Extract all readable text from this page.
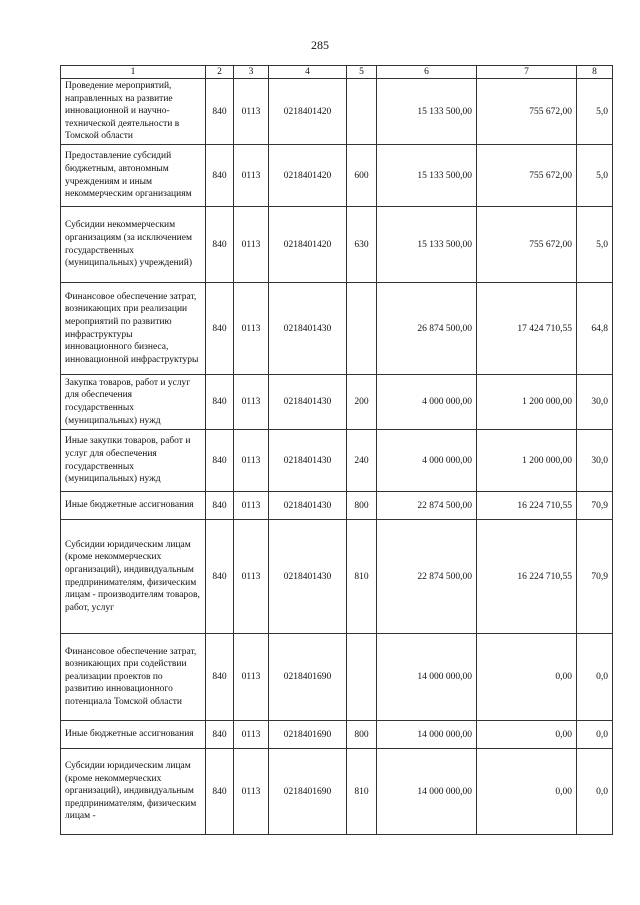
285
1	2	3	4	5	6	7	8
Проведение мероприятий, направленных на развитие инновационной и научно-технической деятельности в Томской области	840	0113	0218401420		15 133 500,00	755 672,00	5,0
Предоставление субсидий бюджетным, автономным учреждениям и иным некоммерческим организациям	840	0113	0218401420	600	15 133 500,00	755 672,00	5,0
Субсидии некоммерческим организациям (за исключением государственных (муниципальных) учреждений)	840	0113	0218401420	630	15 133 500,00	755 672,00	5,0
Финансовое обеспечение затрат, возникающих при реализации мероприятий по развитию инфраструктуры инновационного бизнеса, инновационной инфраструктуры	840	0113	0218401430		26 874 500,00	17 424 710,55	64,8
Закупка товаров, работ и услуг для обеспечения государственных (муниципальных) нужд	840	0113	0218401430	200	4 000 000,00	1 200 000,00	30,0
Иные закупки товаров, работ и услуг для обеспечения государственных (муниципальных) нужд	840	0113	0218401430	240	4 000 000,00	1 200 000,00	30,0
Иные бюджетные ассигнования	840	0113	0218401430	800	22 874 500,00	16 224 710,55	70,9
Субсидии юридическим лицам (кроме некоммерческих организаций), индивидуальным предпринимателям, физическим лицам - производителям товаров, работ, услуг	840	0113	0218401430	810	22 874 500,00	16 224 710,55	70,9
Финансовое обеспечение затрат, возникающих при содействии реализации проектов по развитию инновационного потенциала Томской области	840	0113	0218401690		14 000 000,00	0,00	0,0
Иные бюджетные ассигнования	840	0113	0218401690	800	14 000 000,00	0,00	0,0
Субсидии юридическим лицам (кроме некоммерческих организаций), индивидуальным предпринимателям, физическим лицам -	840	0113	0218401690	810	14 000 000,00	0,00	0,0
